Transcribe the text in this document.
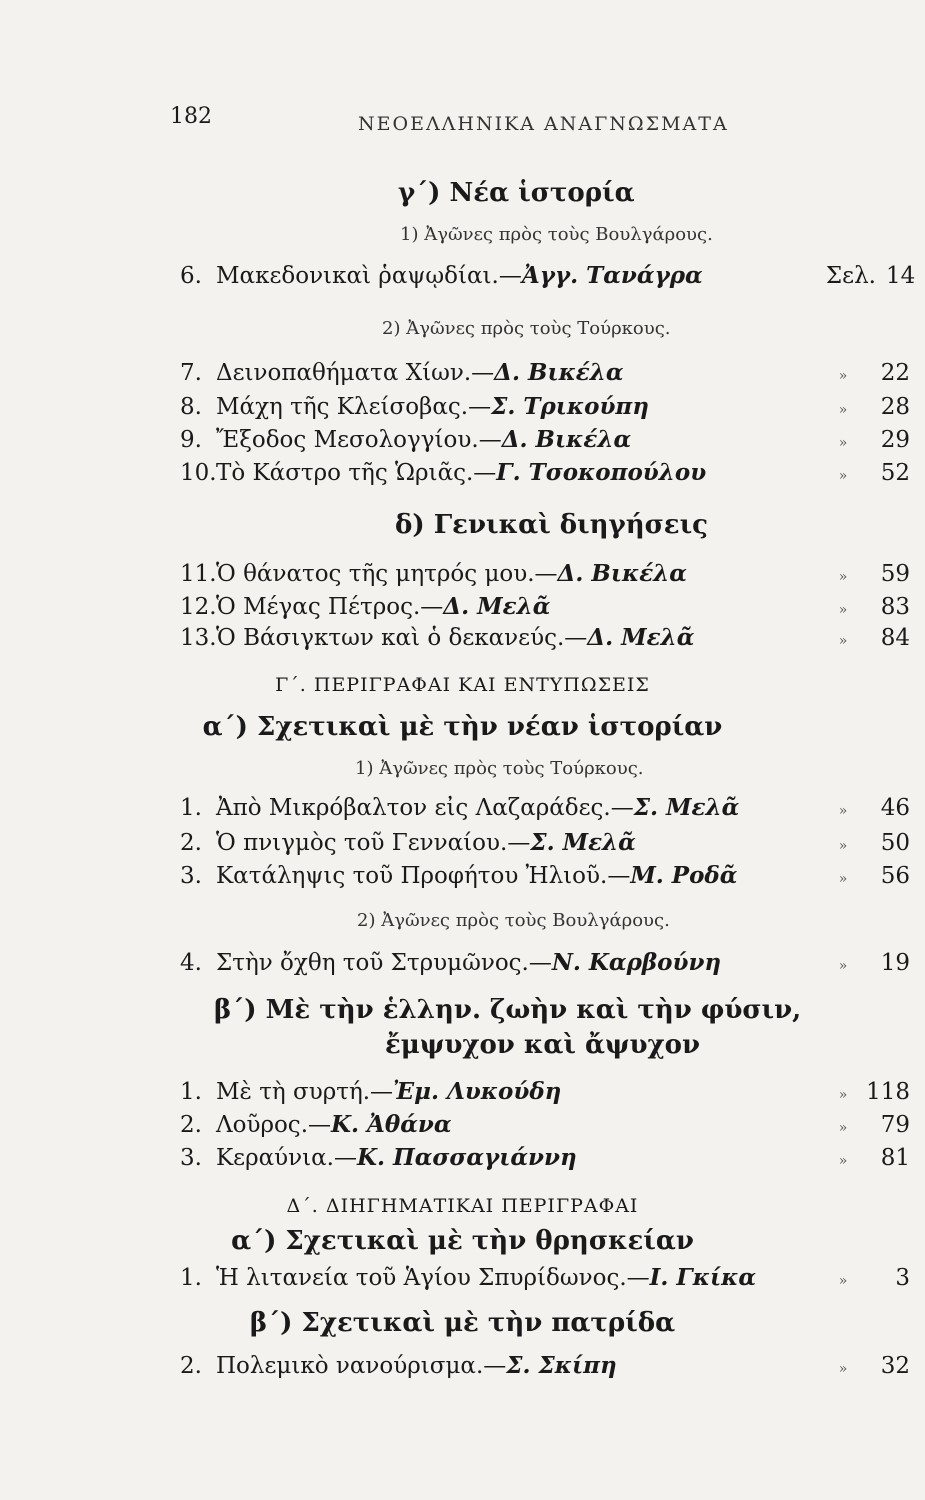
182	ΝΕΟΕΛΛΗΝΙΚΑ ΑΝΑΓΝΩΣΜΑΤΑ
γ΄) Νέα ἱστορία
1) Ἀγῶνες πρὸς τοὺς Βουλγάρους.
6. Μακεδονικαὶ ῥαψῳδίαι. — Ἀγγ. Τανάγρα	Σελ. 14
2) Ἀγῶνες πρὸς τοὺς Τούρκους.
7. Δεινοπαθήματα Χίων. — Δ. Βικέλα	»	22
8. Μάχη τῆς Κλείσοβας. — Σ. Τρικούπη	»	28
9. Ἔξοδος Μεσολογγίου. — Δ. Βικέλα	»	29
10. Τὸ Κάστρο τῆς Ὡριᾶς. — Γ. Τσοκοπούλου	»	52
δ) Γενικαὶ διηγήσεις
11. Ὁ θάνατος τῆς μητρός μου. — Δ. Βικέλα	»	59
12. Ὁ Μέγας Πέτρος. — Δ. Μελᾶ	»	83
13. Ὁ Βάσιγκτων καὶ ὁ δεκανεύς. — Δ. Μελᾶ	»	84
Γ΄. ΠΕΡΙΓΡΑΦΑΙ ΚΑΙ ΕΝΤΥΠΩΣΕΙΣ
α΄) Σχετικαὶ μὲ τὴν νέαν ἱστορίαν
1) Ἀγῶνες πρὸς τοὺς Τούρκους.
1. Ἀπὸ Μικρόβαλτον εἰς Λαζαράδες. — Σ. Μελᾶ	»	46
2. Ὁ πνιγμὸς τοῦ Γενναίου. — Σ. Μελᾶ	»	50
3. Κατάληψις τοῦ Προφήτου Ἠλιοῦ. — Μ. Ροδᾶ	»	56
2) Ἀγῶνες πρὸς τοὺς Βουλγάρους.
4. Στὴν ὄχθη τοῦ Στρυμῶνος. — Ν. Καρβούνη	»	19
β΄) Μὲ τὴν ἑλλην. ζωὴν καὶ τὴν φύσιν,
ἔμψυχον καὶ ἄψυχον
1. Μὲ τὴ συρτή. — Ἐμ. Λυκούδη	» 118
2. Λοῦρος. — Κ. Ἀθάνα	»	79
3. Κεραύνια. — Κ. Πασσαγιάννη	»	81
Δ΄. ΔΙΗΓΗΜΑΤΙΚΑΙ ΠΕΡΙΓΡΑΦΑΙ
α΄) Σχετικαὶ μὲ τὴν θρησκείαν
1. Ἡ λιτανεία τοῦ Ἁγίου Σπυρίδωνος. — Ι. Γκίκα	»	3
β΄) Σχετικαὶ μὲ τὴν πατρίδα
2. Πολεμικὸ νανούρισμα. — Σ. Σκίπη	»	32
